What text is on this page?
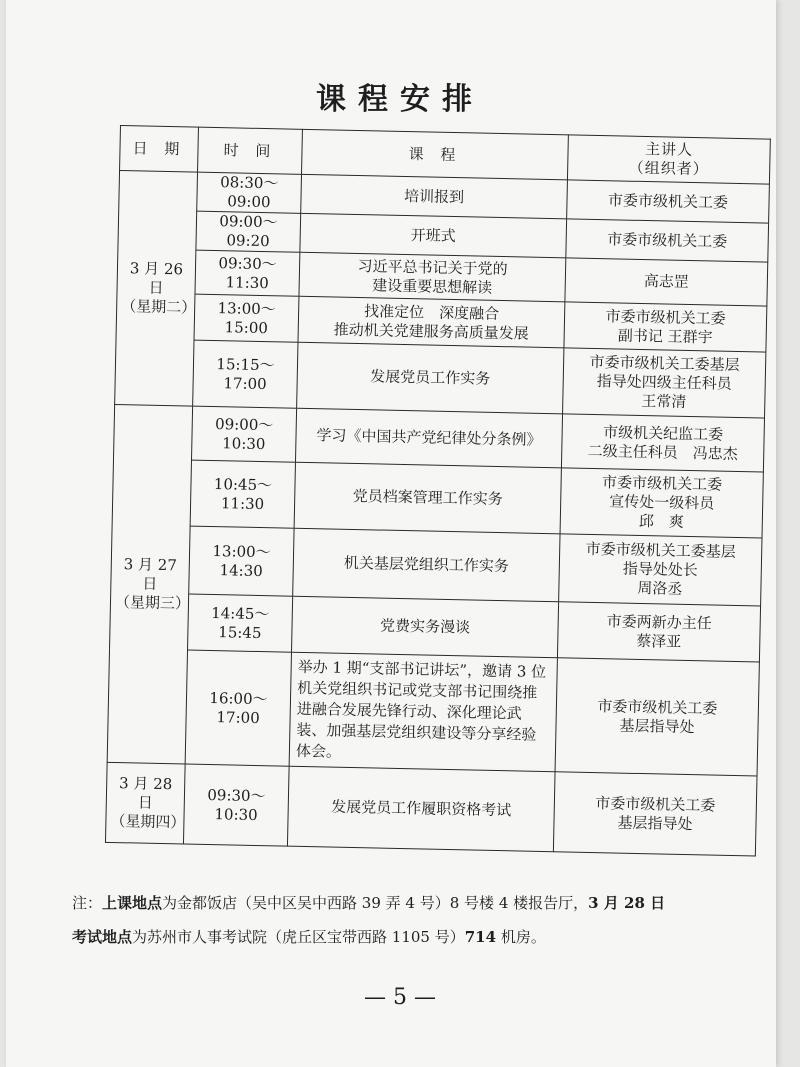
课程安排
日 期	时 间	课 程	主讲人
（组织者）
3 月 26 日
（星期二）	08:30～09:00	培训报到	市委市级机关工委
	09:00～09:20	开班式	市委市级机关工委
	09:30～11:30	习近平总书记关于党的
建设重要思想解读	高志罡
	13:00～15:00	找准定位　深度融合
推动机关党建服务高质量发展	市委市级机关工委
副书记 王群宇
	15:15～17:00	发展党员工作实务	市委市级机关工委基层
指导处四级主任科员
王常清
3 月 27 日
（星期三）	09:00～10:30	学习《中国共产党纪律处分条例》	市级机关纪监工委
二级主任科员　冯忠杰
	10:45～11:30	党员档案管理工作实务	市委市级机关工委
宣传处一级科员
邱　爽
	13:00～14:30	机关基层党组织工作实务	市委市级机关工委基层
指导处处长
周洛丞
	14:45～15:45	党费实务漫谈	市委两新办主任
蔡泽亚
	16:00～17:00	举办 1 期“支部书记讲坛”，邀请 3 位机关党组织书记或党支部书记围绕推进融合发展先锋行动、深化理论武装、加强基层党组织建设等分享经验体会。	市委市级机关工委
基层指导处
3 月 28 日
（星期四）	09:30～10:30	发展党员工作履职资格考试	市委市级机关工委
基层指导处
注：上课地点为金都饭店（吴中区吴中西路 39 弄 4 号）8 号楼 4 楼报告厅，3 月 28 日
考试地点为苏州市人事考试院（虎丘区宝带西路 1105 号）714 机房。
— 5 —
